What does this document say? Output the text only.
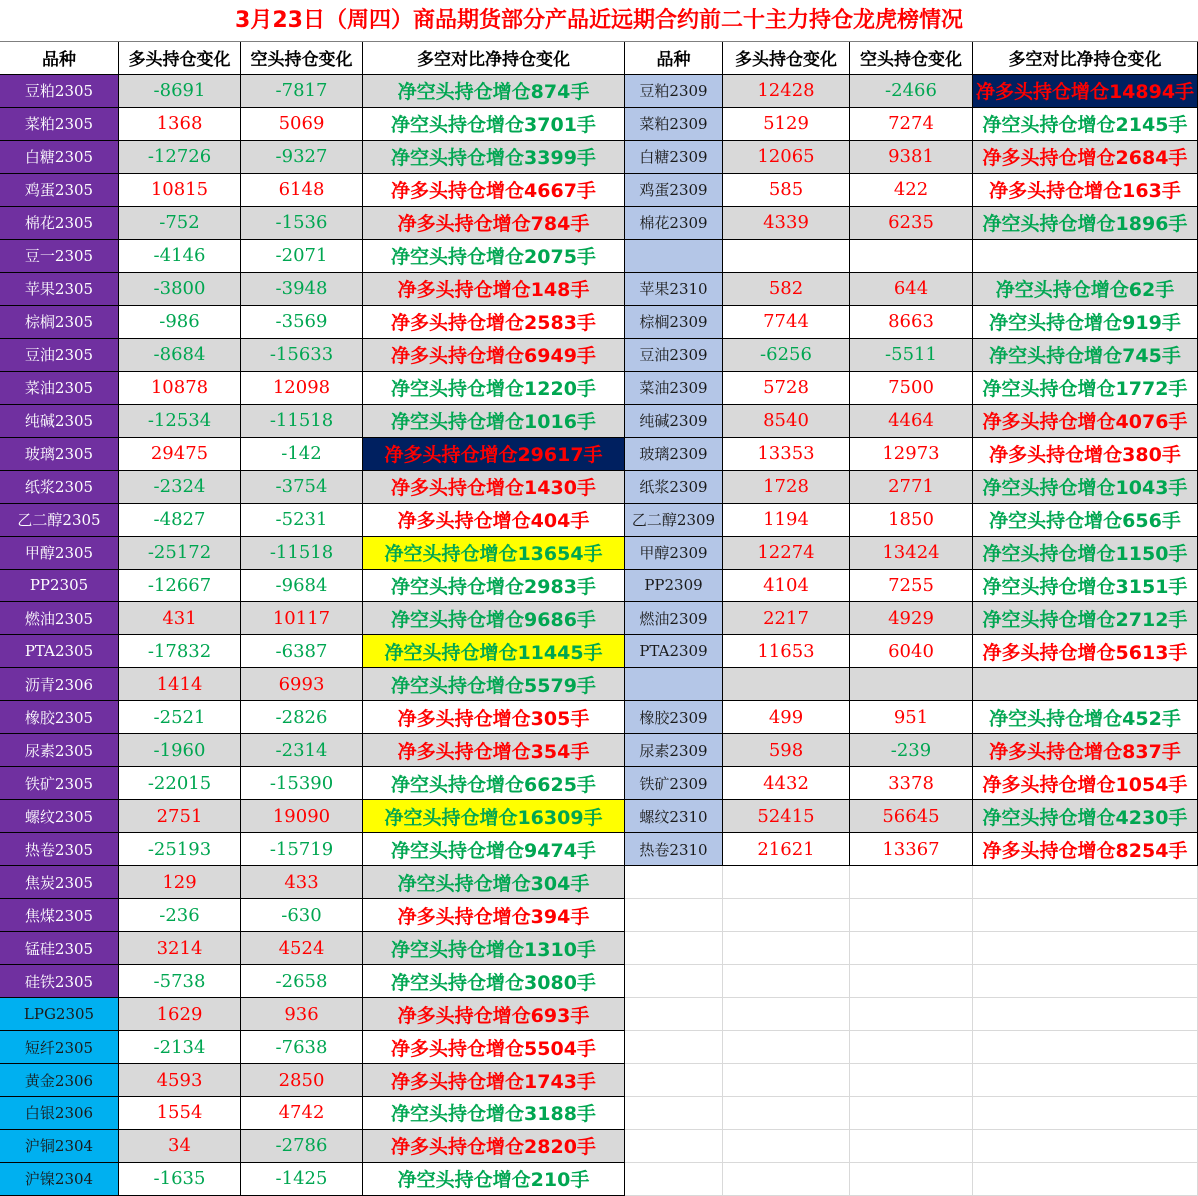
3月23日（周四）商品期货部分产品近远期合约前二十主力持仓龙虎榜情况
品种	多头持仓变化	空头持仓变化	多空对比净持仓变化	品种	多头持仓变化	空头持仓变化	多空对比净持仓变化
豆粕2305	-8691	-7817	净空头持仓增仓874手	豆粕2309	12428	-2466	净多头持仓增仓14894手
菜粕2305	1368	5069	净空头持仓增仓3701手	菜粕2309	5129	7274	净空头持仓增仓2145手
白糖2305	-12726	-9327	净空头持仓增仓3399手	白糖2309	12065	9381	净多头持仓增仓2684手
鸡蛋2305	10815	6148	净多头持仓增仓4667手	鸡蛋2309	585	422	净多头持仓增仓163手
棉花2305	-752	-1536	净多头持仓增仓784手	棉花2309	4339	6235	净空头持仓增仓1896手
豆一2305	-4146	-2071	净空头持仓增仓2075手
苹果2305	-3800	-3948	净多头持仓增仓148手	苹果2310	582	644	净空头持仓增仓62手
棕榈2305	-986	-3569	净多头持仓增仓2583手	棕榈2309	7744	8663	净空头持仓增仓919手
豆油2305	-8684	-15633	净多头持仓增仓6949手	豆油2309	-6256	-5511	净空头持仓增仓745手
菜油2305	10878	12098	净空头持仓增仓1220手	菜油2309	5728	7500	净空头持仓增仓1772手
纯碱2305	-12534	-11518	净空头持仓增仓1016手	纯碱2309	8540	4464	净多头持仓增仓4076手
玻璃2305	29475	-142	净多头持仓增仓29617手	玻璃2309	13353	12973	净多头持仓增仓380手
纸浆2305	-2324	-3754	净多头持仓增仓1430手	纸浆2309	1728	2771	净空头持仓增仓1043手
乙二醇2305	-4827	-5231	净多头持仓增仓404手	乙二醇2309	1194	1850	净空头持仓增仓656手
甲醇2305	-25172	-11518	净空头持仓增仓13654手	甲醇2309	12274	13424	净空头持仓增仓1150手
PP2305	-12667	-9684	净空头持仓增仓2983手	PP2309	4104	7255	净空头持仓增仓3151手
燃油2305	431	10117	净空头持仓增仓9686手	燃油2309	2217	4929	净空头持仓增仓2712手
PTA2305	-17832	-6387	净空头持仓增仓11445手	PTA2309	11653	6040	净多头持仓增仓5613手
沥青2306	1414	6993	净空头持仓增仓5579手
橡胶2305	-2521	-2826	净多头持仓增仓305手	橡胶2309	499	951	净空头持仓增仓452手
尿素2305	-1960	-2314	净多头持仓增仓354手	尿素2309	598	-239	净多头持仓增仓837手
铁矿2305	-22015	-15390	净空头持仓增仓6625手	铁矿2309	4432	3378	净多头持仓增仓1054手
螺纹2305	2751	19090	净空头持仓增仓16309手	螺纹2310	52415	56645	净空头持仓增仓4230手
热卷2305	-25193	-15719	净空头持仓增仓9474手	热卷2310	21621	13367	净多头持仓增仓8254手
焦炭2305	129	433	净空头持仓增仓304手
焦煤2305	-236	-630	净多头持仓增仓394手
锰硅2305	3214	4524	净空头持仓增仓1310手
硅铁2305	-5738	-2658	净空头持仓增仓3080手
LPG2305	1629	936	净多头持仓增仓693手
短纤2305	-2134	-7638	净多头持仓增仓5504手
黄金2306	4593	2850	净多头持仓增仓1743手
白银2306	1554	4742	净空头持仓增仓3188手
沪铜2304	34	-2786	净多头持仓增仓2820手
沪镍2304	-1635	-1425	净空头持仓增仓210手
